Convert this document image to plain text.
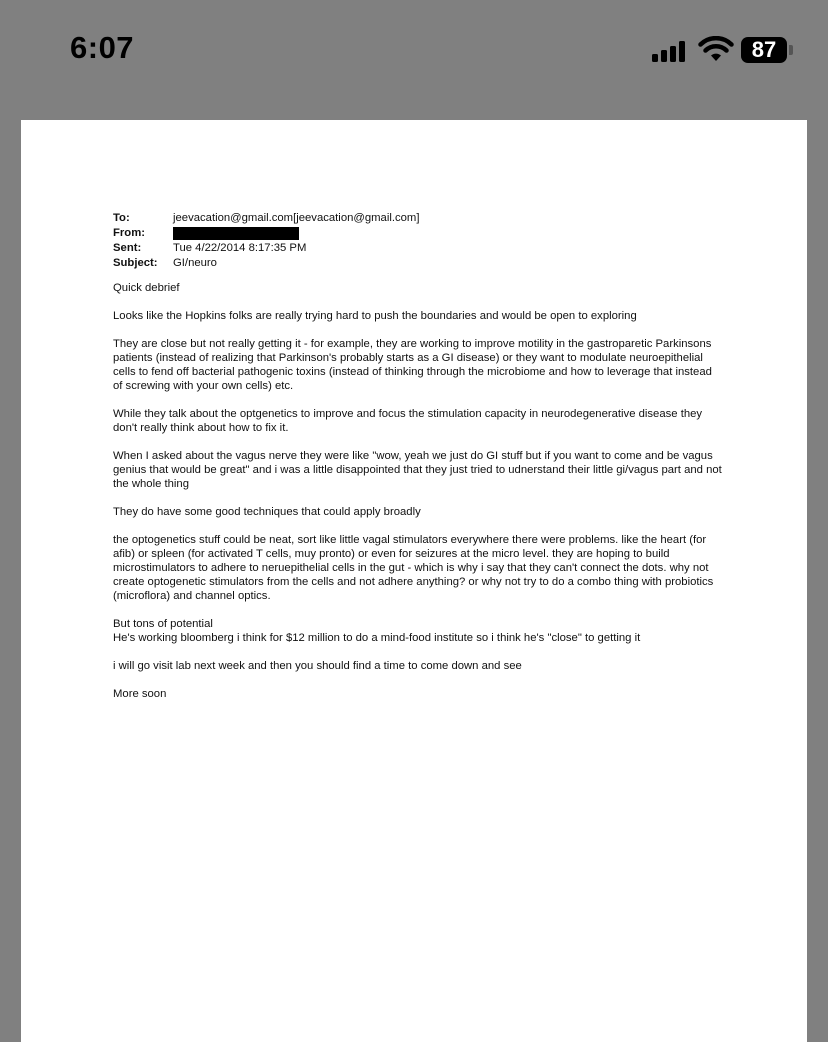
6:07	87
To:	jeevacation@gmail.com[jeevacation@gmail.com]
From:
Sent:	Tue 4/22/2014 8:17:35 PM
Subject:	GI/neuro

Quick debrief

Looks like the Hopkins folks are really trying hard to push the boundaries and would be open to exploring

They are close but not really getting it - for example, they are working to improve motility in the gastroparetic Parkinsons patients (instead of realizing that Parkinson's probably starts as a GI disease) or they want to modulate neuroepithelial cells to fend off bacterial pathogenic toxins (instead of thinking through the microbiome and how to leverage that instead of screwing with your own cells) etc.

While they talk about the optgenetics to improve and focus the stimulation capacity in neurodegenerative disease they don't really think about how to fix it.

When I asked about the vagus nerve they were like "wow, yeah we just do GI stuff but if you want to come and be vagus genius that would be great" and i was a little disappointed that they just tried to udnerstand their little gi/vagus part and not the whole thing

They do have some good techniques that could apply broadly

the optogenetics stuff could be neat, sort like little vagal stimulators everywhere there were problems. like the heart (for afib) or spleen (for activated T cells, muy pronto) or even for seizures at the micro level. they are hoping to build microstimulators to adhere to neruepithelial cells in the gut - which is why i say that they can't connect the dots. why not create optogenetic stimulators from the cells and not adhere anything? or why not try to do a combo thing with probiotics (microflora) and channel optics.

But tons of potential

He's working bloomberg i think for $12 million to do a mind-food institute so i think he's "close" to getting it

i will go visit lab next week and then you should find a time to come down and see

More soon
